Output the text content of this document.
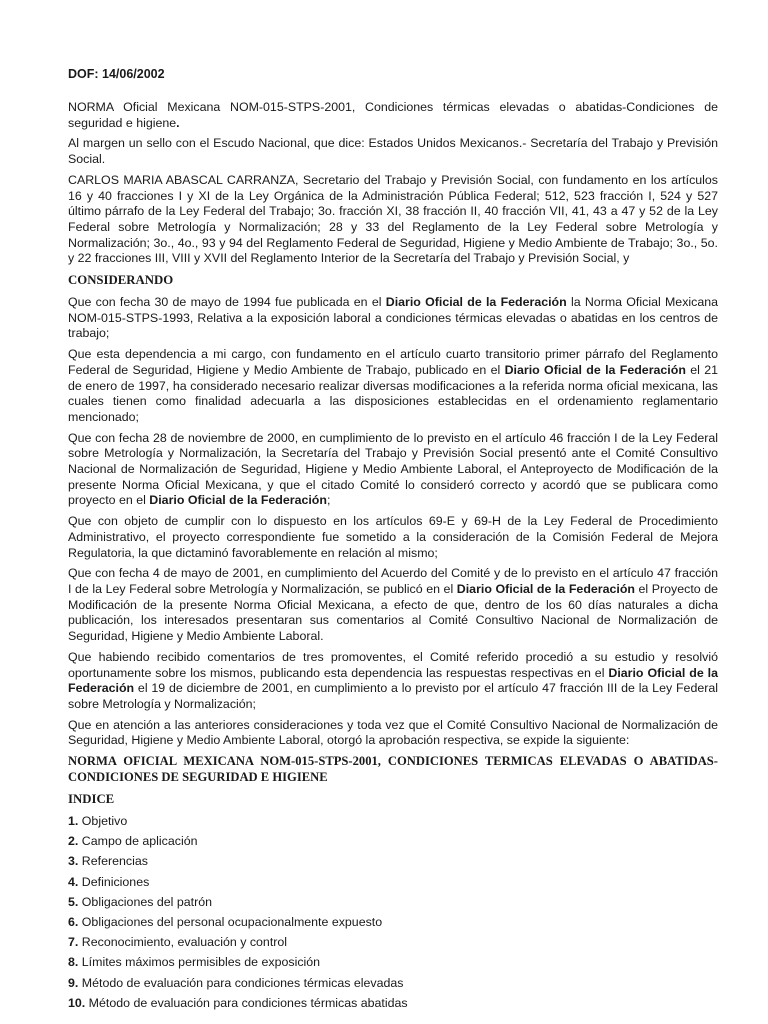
DOF: 14/06/2002

NORMA Oficial Mexicana NOM-015-STPS-2001, Condiciones térmicas elevadas o abatidas-Condiciones de seguridad e higiene.

Al margen un sello con el Escudo Nacional, que dice: Estados Unidos Mexicanos.- Secretaría del Trabajo y Previsión Social.

CARLOS MARIA ABASCAL CARRANZA, Secretario del Trabajo y Previsión Social, con fundamento en los artículos 16 y 40 fracciones I y XI de la Ley Orgánica de la Administración Pública Federal; 512, 523 fracción I, 524 y 527 último párrafo de la Ley Federal del Trabajo; 3o. fracción XI, 38 fracción II, 40 fracción VII, 41, 43 a 47 y 52 de la Ley Federal sobre Metrología y Normalización; 28 y 33 del Reglamento de la Ley Federal sobre Metrología y Normalización; 3o., 4o., 93 y 94 del Reglamento Federal de Seguridad, Higiene y Medio Ambiente de Trabajo; 3o., 5o. y 22 fracciones III, VIII y XVII del Reglamento Interior de la Secretaría del Trabajo y Previsión Social, y

CONSIDERANDO

Que con fecha 30 de mayo de 1994 fue publicada en el Diario Oficial de la Federación la Norma Oficial Mexicana NOM-015-STPS-1993, Relativa a la exposición laboral a condiciones térmicas elevadas o abatidas en los centros de trabajo;

Que esta dependencia a mi cargo, con fundamento en el artículo cuarto transitorio primer párrafo del Reglamento Federal de Seguridad, Higiene y Medio Ambiente de Trabajo, publicado en el Diario Oficial de la Federación el 21 de enero de 1997, ha considerado necesario realizar diversas modificaciones a la referida norma oficial mexicana, las cuales tienen como finalidad adecuarla a las disposiciones establecidas en el ordenamiento reglamentario mencionado;

Que con fecha 28 de noviembre de 2000, en cumplimiento de lo previsto en el artículo 46 fracción I de la Ley Federal sobre Metrología y Normalización, la Secretaría del Trabajo y Previsión Social presentó ante el Comité Consultivo Nacional de Normalización de Seguridad, Higiene y Medio Ambiente Laboral, el Anteproyecto de Modificación de la presente Norma Oficial Mexicana, y que el citado Comité lo consideró correcto y acordó que se publicara como proyecto en el Diario Oficial de la Federación;

Que con objeto de cumplir con lo dispuesto en los artículos 69-E y 69-H de la Ley Federal de Procedimiento Administrativo, el proyecto correspondiente fue sometido a la consideración de la Comisión Federal de Mejora Regulatoria, la que dictaminó favorablemente en relación al mismo;

Que con fecha 4 de mayo de 2001, en cumplimiento del Acuerdo del Comité y de lo previsto en el artículo 47 fracción I de la Ley Federal sobre Metrología y Normalización, se publicó en el Diario Oficial de la Federación el Proyecto de Modificación de la presente Norma Oficial Mexicana, a efecto de que, dentro de los 60 días naturales a dicha publicación, los interesados presentaran sus comentarios al Comité Consultivo Nacional de Normalización de Seguridad, Higiene y Medio Ambiente Laboral.

Que habiendo recibido comentarios de tres promoventes, el Comité referido procedió a su estudio y resolvió oportunamente sobre los mismos, publicando esta dependencia las respuestas respectivas en el Diario Oficial de la Federación el 19 de diciembre de 2001, en cumplimiento a lo previsto por el artículo 47 fracción III de la Ley Federal sobre Metrología y Normalización;

Que en atención a las anteriores consideraciones y toda vez que el Comité Consultivo Nacional de Normalización de Seguridad, Higiene y Medio Ambiente Laboral, otorgó la aprobación respectiva, se expide la siguiente:

NORMA OFICIAL MEXICANA NOM-015-STPS-2001, CONDICIONES TERMICAS ELEVADAS O ABATIDAS-CONDICIONES DE SEGURIDAD E HIGIENE
INDICE
1. Objetivo
2. Campo de aplicación
3. Referencias
4. Definiciones
5. Obligaciones del patrón
6. Obligaciones del personal ocupacionalmente expuesto
7. Reconocimiento, evaluación y control
8. Límites máximos permisibles de exposición
9. Método de evaluación para condiciones térmicas elevadas
10. Método de evaluación para condiciones térmicas abatidas
